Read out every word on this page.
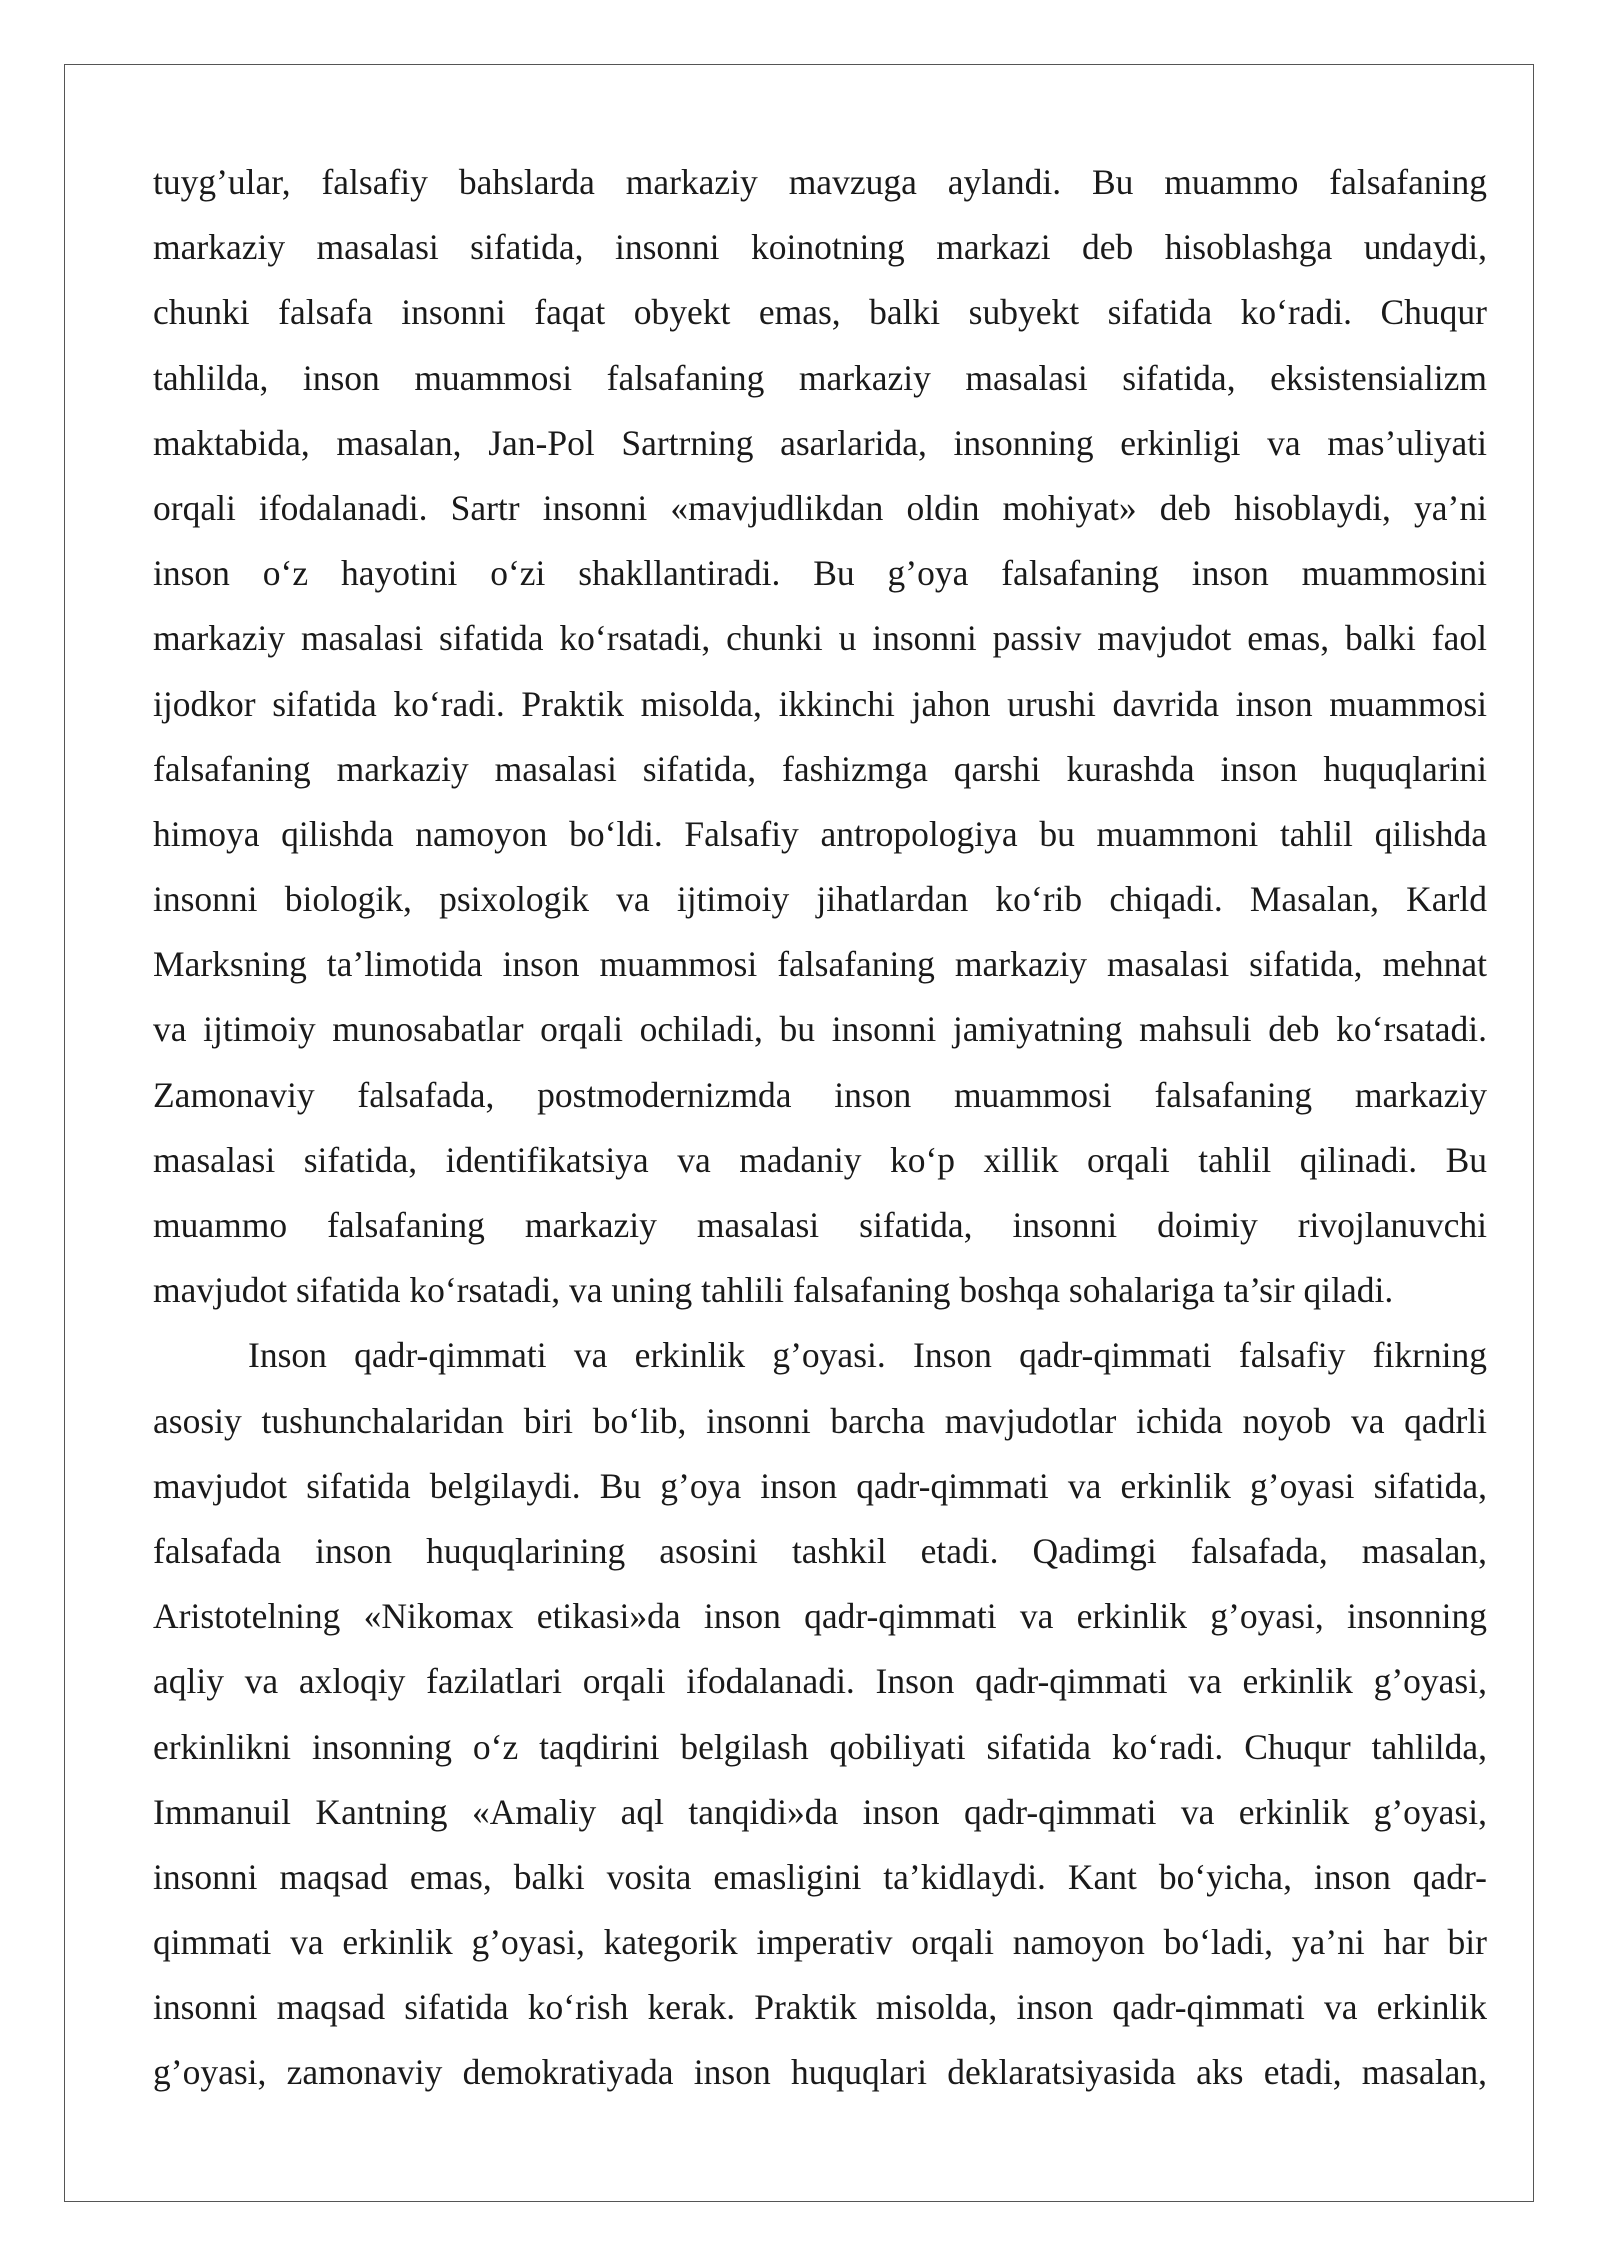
tuyg’ular, falsafiy bahslarda markaziy mavzuga aylandi. Bu muammo falsafaning
markaziy masalasi sifatida, insonni koinotning markazi deb hisoblashga undaydi,
chunki falsafa insonni faqat obyekt emas, balki subyekt sifatida ko‘radi. Chuqur
tahlilda, inson muammosi falsafaning markaziy masalasi sifatida, eksistensializm
maktabida, masalan, Jan-Pol Sartrning asarlarida, insonning erkinligi va mas’uliyati
orqali ifodalanadi. Sartr insonni «mavjudlikdan oldin mohiyat» deb hisoblaydi, ya’ni
inson o‘z hayotini o‘zi shakllantiradi. Bu g’oya falsafaning inson muammosini
markaziy masalasi sifatida ko‘rsatadi, chunki u insonni passiv mavjudot emas, balki faol
ijodkor sifatida ko‘radi. Praktik misolda, ikkinchi jahon urushi davrida inson muammosi
falsafaning markaziy masalasi sifatida, fashizmga qarshi kurashda inson huquqlarini
himoya qilishda namoyon bo‘ldi. Falsafiy antropologiya bu muammoni tahlil qilishda
insonni biologik, psixologik va ijtimoiy jihatlardan ko‘rib chiqadi. Masalan, Karld
Marksning ta’limotida inson muammosi falsafaning markaziy masalasi sifatida, mehnat
va ijtimoiy munosabatlar orqali ochiladi, bu insonni jamiyatning mahsuli deb ko‘rsatadi.
Zamonaviy falsafada, postmodernizmda inson muammosi falsafaning markaziy
masalasi sifatida, identifikatsiya va madaniy ko‘p xillik orqali tahlil qilinadi. Bu
muammo falsafaning markaziy masalasi sifatida, insonni doimiy rivojlanuvchi
mavjudot sifatida ko‘rsatadi, va uning tahlili falsafaning boshqa sohalariga ta’sir qiladi.
Inson qadr-qimmati va erkinlik g’oyasi. Inson qadr-qimmati falsafiy fikrning
asosiy tushunchalaridan biri bo‘lib, insonni barcha mavjudotlar ichida noyob va qadrli
mavjudot sifatida belgilaydi. Bu g’oya inson qadr-qimmati va erkinlik g’oyasi sifatida,
falsafada inson huquqlarining asosini tashkil etadi. Qadimgi falsafada, masalan,
Aristotelning «Nikomax etikasi»da inson qadr-qimmati va erkinlik g’oyasi, insonning
aqliy va axloqiy fazilatlari orqali ifodalanadi. Inson qadr-qimmati va erkinlik g’oyasi,
erkinlikni insonning o‘z taqdirini belgilash qobiliyati sifatida ko‘radi. Chuqur tahlilda,
Immanuil Kantning «Amaliy aql tanqidi»da inson qadr-qimmati va erkinlik g’oyasi,
insonni maqsad emas, balki vosita emasligini ta’kidlaydi. Kant bo‘yicha, inson qadr-
qimmati va erkinlik g’oyasi, kategorik imperativ orqali namoyon bo‘ladi, ya’ni har bir
insonni maqsad sifatida ko‘rish kerak. Praktik misolda, inson qadr-qimmati va erkinlik
g’oyasi, zamonaviy demokratiyada inson huquqlari deklaratsiyasida aks etadi, masalan,
